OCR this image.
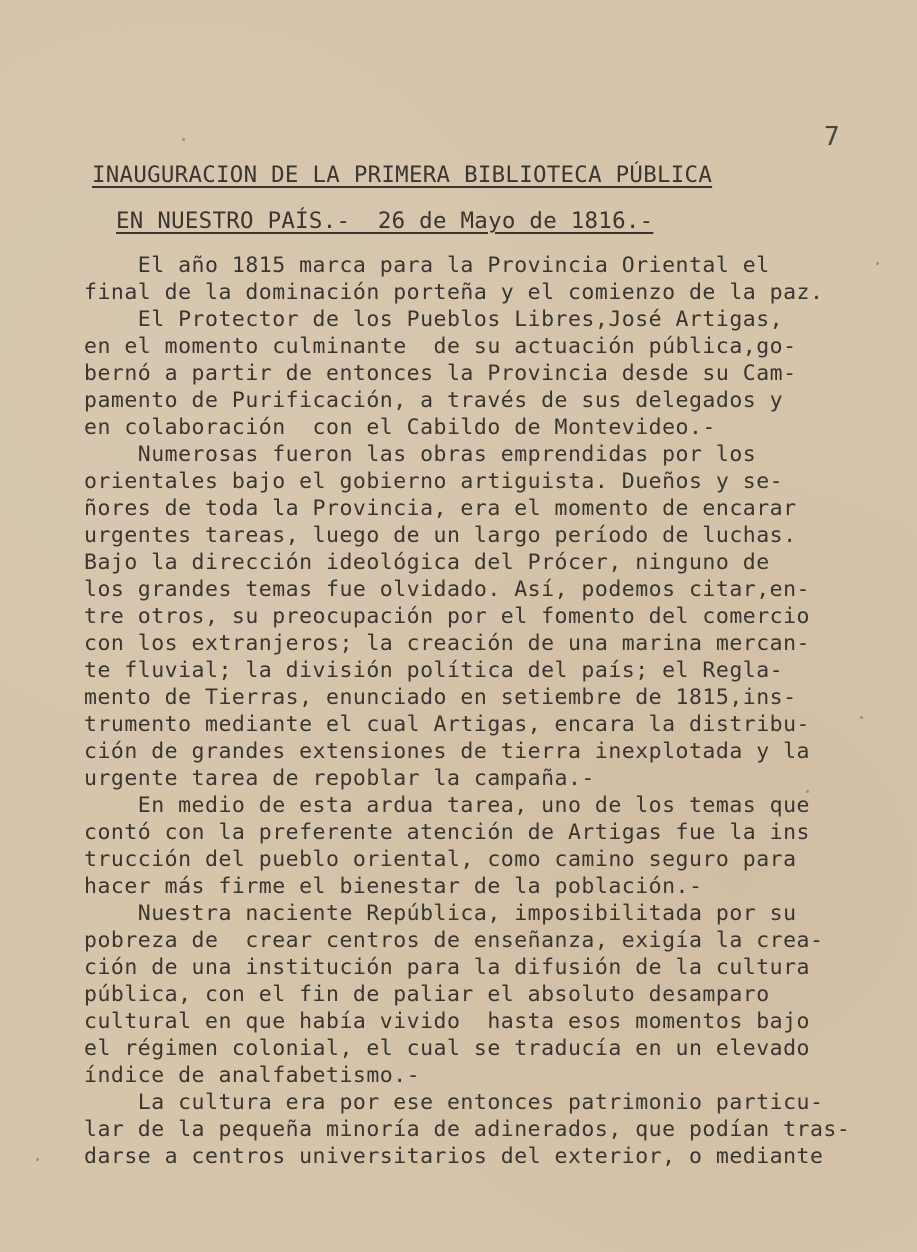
7
INAUGURACION DE LA PRIMERA BIBLIOTECA PÚBLICA
EN NUESTRO PAÍS.-  26 de Mayo de 1816.-
El año 1815 marca para la Provincia Oriental el
final de la dominación porteña y el comienzo de la paz.
El Protector de los Pueblos Libres,José Artigas,
en el momento culminante  de su actuación pública,go-
bernó a partir de entonces la Provincia desde su Cam-
pamento de Purificación, a través de sus delegados y
en colaboración  con el Cabildo de Montevideo.-
Numerosas fueron las obras emprendidas por los
orientales bajo el gobierno artiguista. Dueños y se-
ñores de toda la Provincia, era el momento de encarar
urgentes tareas, luego de un largo período de luchas.
Bajo la dirección ideológica del Prócer, ninguno de
los grandes temas fue olvidado. Así, podemos citar,en-
tre otros, su preocupación por el fomento del comercio
con los extranjeros; la creación de una marina mercan-
te fluvial; la división política del país; el Regla-
mento de Tierras, enunciado en setiembre de 1815,ins-
trumento mediante el cual Artigas, encara la distribu-
ción de grandes extensiones de tierra inexplotada y la
urgente tarea de repoblar la campaña.-
En medio de esta ardua tarea, uno de los temas que
contó con la preferente atención de Artigas fue la ins
trucción del pueblo oriental, como camino seguro para
hacer más firme el bienestar de la población.-
Nuestra naciente República, imposibilitada por su
pobreza de  crear centros de enseñanza, exigía la crea-
ción de una institución para la difusión de la cultura
pública, con el fin de paliar el absoluto desamparo
cultural en que había vivido  hasta esos momentos bajo
el régimen colonial, el cual se traducía en un elevado
índice de analfabetismo.-
La cultura era por ese entonces patrimonio particu-
lar de la pequeña minoría de adinerados, que podían tras-
darse a centros universitarios del exterior, o mediante
